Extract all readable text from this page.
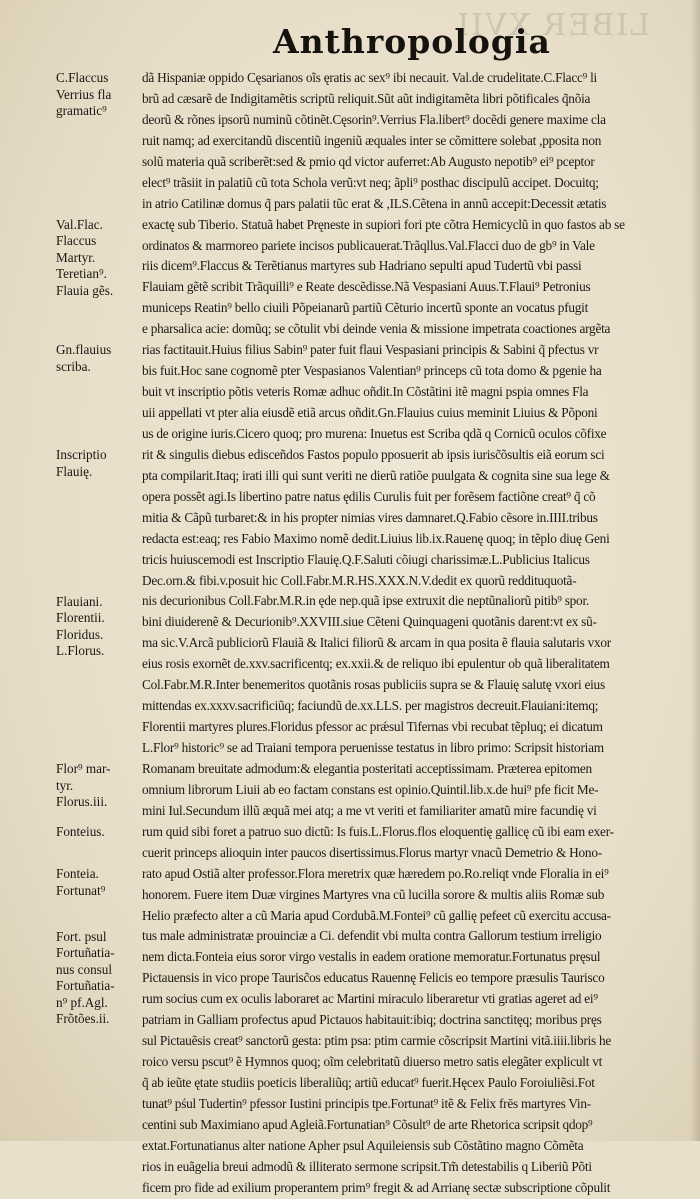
LIBER XVII
Anthropologia
C.Flaccus
Verrius fla
gramatic⁹
Val.Flac.
Flaccus
Martyr.
Teretian⁹.
Flauia gẽs.
Gn.flauius
scriba.
Inscriptio
Flauię.
Flauiani.
Florentii.
Floridus.
L.Florus.
Flor⁹ mar-
tyr.
Florus.iii.
Fonteius.
Fonteia.
Fortunat⁹
Fort. psul
Fortuñatia-
nus consul
Fortuñatia-
n⁹ pf.Agl.
Frõtões.ii.
dã Hispaniæ oppido Cęsarianos oĩs ęratis ac sex⁹ ibi necauit. Val.de crudelitate.C.Flacc⁹ li
brũ ad cæsarẽ de Indigitamẽtis scriptũ reliquit.Sũt aũt indigitamẽta libri põtificales q̃nõia
deorũ & rõnes ipsorũ numinũ cõtinẽt.Cęsorin⁹.Verrius Fla.libert⁹ docẽdi genere maxime cla
ruit namq; ad exercitandũ discentiũ ingeniũ æquales inter se cõmittere solebat ,pposita non
solũ materia quã scriberẽt:sed & pmio qd victor auferret:Ab Augusto nepotib⁹ ei⁹ pceptor
elect⁹ trãsiit in palatiũ cũ tota Schola verũ:vt neq; ãpli⁹ posthac discipulũ accipet. Docuitq;
in atrio Catilinæ domus q̃ pars palatii tũc erat & ,ILS.Cẽtena in annũ accepit:Decessit ætatis
exactę sub Tiberio. Statuã habet Pręneste in supiori fori pte cõtra Hemicyclũ in quo fastos ab se
ordinatos & marmoreo pariete incisos publicauerat.Trãqllus.Val.Flacci duo de gb⁹ in Vale
riis dicem⁹.Flaccus & Terẽtianus martyres sub Hadriano sepulti apud Tudertũ vbi passi
Flauiam gẽtẽ scribit Trãquilli⁹ e Reate descẽdisse.Nã Vespasiani Auus.T.Flaui⁹ Petronius
municeps Reatin⁹ bello ciuili Põpeianarũ partiũ Cẽturio incertũ sponte an vocatus pfugit
e pharsalica acie: domũq; se cõtulit vbi deinde venia & missione impetrata coactiones argẽta
rias factitauit.Huius filius Sabin⁹ pater fuit flaui Vespasiani principis & Sabini q̃ pfectus vr
bis fuit.Hoc sane cognomẽ pter Vespasianos Valentian⁹ princeps cũ tota domo & pgenie ha
buit vt inscriptio põtis veteris Romæ adhuc oñdit.In Cõstãtini itẽ magni pspia omnes Fla
uii appellati vt pter alia eiusdẽ etiã arcus oñdit.Gn.Flauius cuius meminit Liuius & Põponi
us de origine iuris.Cicero quoq; pro murena: Inuetus est Scriba qdã q Cornicũ oculos cõfixe
rit & singulis diebus edisceñdos Fastos populo pposuerit ab ipsis iurisc̃õsultis eiã eorum sci
pta compilarit.Itaq; irati illi qui sunt veriti ne dierũ ratiõe puulgata & cognita sine sua lege &
opera possẽt agi.Is libertino patre natus ędilis Curulis fuit per forẽsem factiõne creat⁹ q̃ cõ
mitia & Cãpũ turbaret:& in his propter nimias vires damnaret.Q.Fabio cẽsore in.IIII.tribus
redacta est:eaq; res Fabio Maximo nomẽ dedit.Liuius lib.ix.Rauenę quoq; in tẽplo diuę Geni
tricis huiuscemodi est Inscriptio Flauię.Q.F.Saluti cõiugi charissimæ.L.Publicius Italicus
Dec.orn.& fibi.v.posuit hic Coll.Fabr.M.R.HS.XXX.N.V.dedit ex quorũ reddituquotã-
nis decurionibus Coll.Fabr.M.R.in ęde nep.quã ipse extruxit die neptũnaliorũ pitib⁹ spor.
bini diuiderenẽ & Decurionib⁹.XXVIII.siue Cẽteni Quinquageni quotãnis darent:vt ex sũ-
ma sic.V.Arcã publiciorũ Flauiã & Italici filiorũ & arcam in qua posita ẽ flauia salutaris vxor
eius rosis exornẽt de.xxv.sacrificentq; ex.xxii.& de reliquo ibi epulentur ob quã liberalitatem
Col.Fabr.M.R.Inter benemeritos quotãnis rosas publiciis supra se & Flauię salutę vxori eius
mittendas ex.xxxv.sacrificiũq; faciundũ de.xx.LLS. per magistros decreuit.Flauiani:itemq;
Florentii martyres plures.Floridus pfessor ac prǽsul Tifernas vbi recubat tẽpluq; ei dicatum
L.Flor⁹ historic⁹ se ad Traiani tempora peruenisse testatus in libro primo: Scripsit historiam
Romanam breuitate admodum:& elegantia posteritati acceptissimam. Præterea epitomen
omnium librorum Liuii ab eo factam constans est opinio.Quintil.lib.x.de hui⁹ pfe ficit Me-
mini Iul.Secundum illũ æquã mei atq; a me vt veriti et familiariter amatũ mire facundię vi
rum quid sibi foret a patruo suo dictũ: Is fuis.L.Florus.flos eloquentię gallicę cũ ibi eam exer-
cuerit princeps alioquin inter paucos disertissimus.Florus martyr vnacũ Demetrio & Hono-
rato apud Ostiã alter professor.Flora meretrix quæ hæredem po.Ro.reliqt vnde Floralia in ei⁹
honorem. Fuere item Duæ virgines Martyres vna cũ lucilla sorore & multis aliis Romæ sub
Helio præfecto alter a cũ Maria apud Cordubã.M.Fontei⁹ cũ gallię pefeet cũ exercitu accusa-
tus male administratæ prouinciæ a Ci. defendit vbi multa contra Gallorum testium irreligio
nem dicta.Fonteia eius soror virgo vestalis in eadem oratione memoratur.Fortunatus pręsul
Pictauensis in vico prope Taurisc̃os educatus Rauennę Felicis eo tempore præsulis Taurisco
rum socius cum ex oculis laboraret ac Martini miraculo liberaretur vti gratias ageret ad ei⁹
patriam in Galliam profectus apud Pictauos habitauit:ibiq; doctrina sanctitęq; moribus pręs
sul Pictauẽsis creat⁹ sanctorũ gesta: ptim psa: ptim carmie cõscripsit Martini vitã.iiii.libris he
roico versu pscut⁹ ẽ Hymnos quoq; oĩm celebritatũ diuerso metro satis elegãter explicult vt
q̃ ab ieũte ętate studiis poeticis liberaliũq; artiũ educat⁹ fuerit.Hęcex Paulo Foroiuliẽsi.Fot
tunat⁹ pśul Tudertin⁹ pfessor Iustini principis tpe.Fortunat⁹ itẽ & Felix frēs martyres Vin-
centini sub Maximiano apud Agleiã.Fortunatian⁹ Cõsult⁹ de arte Rhetorica scripsit qdop⁹
extat.Fortunatianus alter natione Apher psul Aquileiensis sub Cõstãtino magno Cõmẽta
rios in euãgelia breui admodũ & illiterato sermone scripsit.Tm̃ detestabilis q Liberiũ Põti
ficem pro fide ad exilium properantem prim⁹ fregit & ad Arrianę sectæ subscriptione cõpulit
